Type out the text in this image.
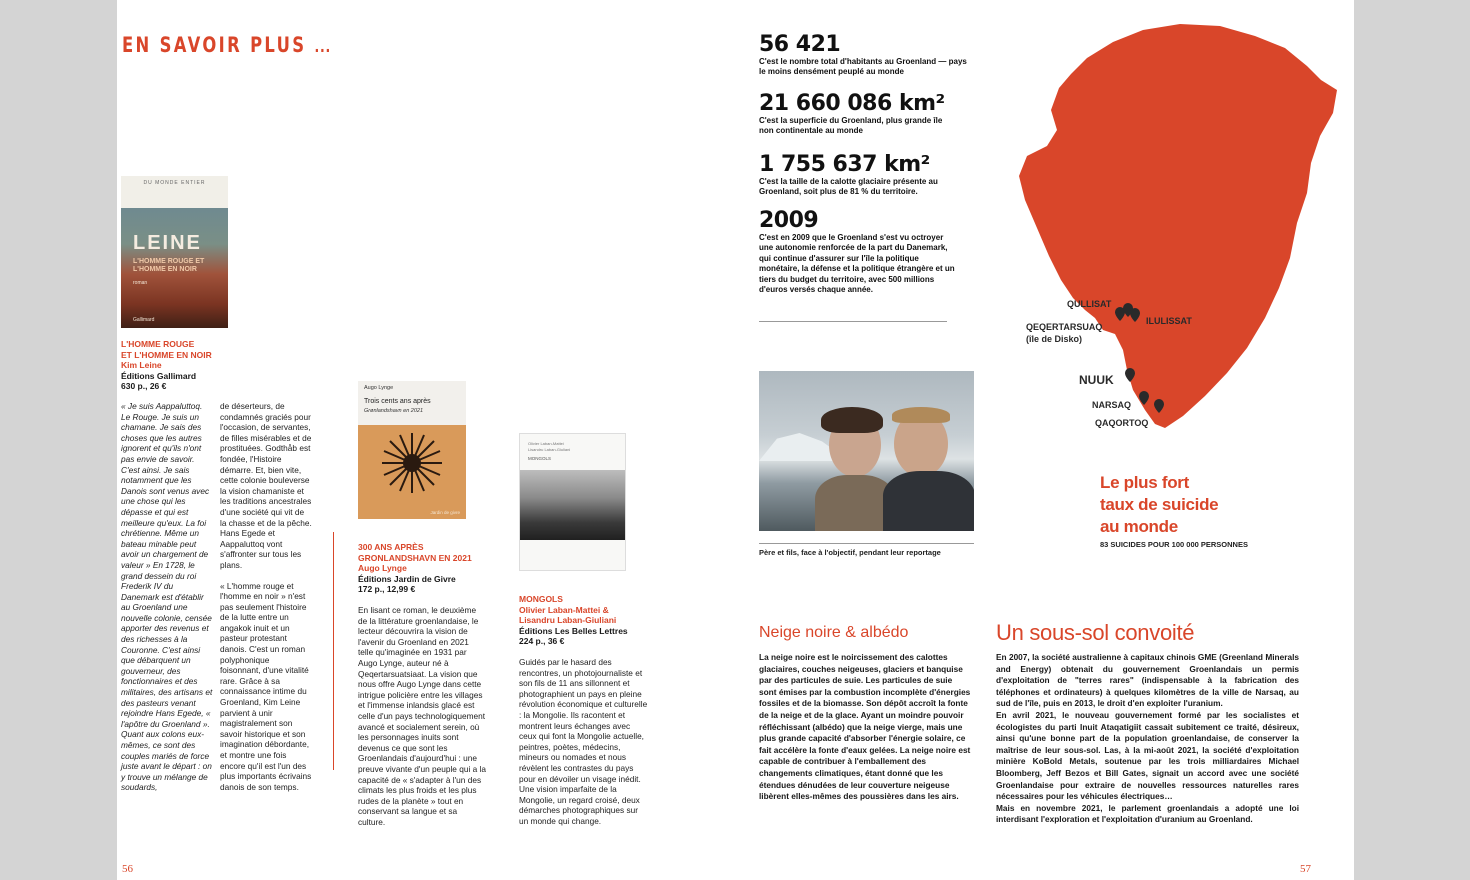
EN SAVOIR PLUS ...
DU MONDE ENTIER
LEINE
L'HOMME ROUGE ET L'HOMME EN NOIR
roman
Gallimard
L'HOMME ROUGE
ET L'HOMME EN NOIR
Kim Leine
Éditions Gallimard
630 p., 26 €
« Je suis Aappaluttoq. Le Rouge. Je suis un chamane. Je sais des choses que les autres ignorent et qu'ils n'ont pas envie de savoir. C'est ainsi. Je sais notamment que les Danois sont venus avec une chose qui les dépasse et qui est meilleure qu'eux. La foi chrétienne. Même un bateau minable peut avoir un chargement de valeur » En 1728, le grand dessein du roi Frederik IV du Danemark est d'établir au Groenland une nouvelle colonie, censée apporter des revenus et des richesses à la Couronne. C'est ainsi que débarquent un gouverneur, des fonctionnaires et des militaires, des artisans et des pasteurs venant rejoindre Hans Egede, « l'apôtre du Groenland ». Quant aux colons eux-mêmes, ce sont des couples mariés de force juste avant le départ : on y trouve un mélange de soudards,
de déserteurs, de condamnés graciés pour l'occasion, de servantes, de filles misérables et de prostituées. Godthåb est fondée, l'Histoire démarre. Et, bien vite, cette colonie bouleverse la vision chamaniste et les traditions ancestrales d'une société qui vit de la chasse et de la pêche. Hans Egede et Aappaluttoq vont s'affronter sur tous les plans.
« L'homme rouge et l'homme en noir » n'est pas seulement l'histoire de la lutte entre un angakok inuit et un pasteur protestant danois. C'est un roman polyphonique foisonnant, d'une vitalité rare. Grâce à sa connaissance intime du Groenland, Kim Leine parvient à unir magistralement son savoir historique et son imagination débordante, et montre une fois encore qu'il est l'un des plus importants écrivains danois de son temps.
Augo Lynge
Trois cents ans après
Grønlandshavn en 2021
Jardin de givre
300 ANS APRÈS
GRONLANDSHAVN EN 2021
Augo Lynge
Éditions Jardin de Givre
172 p., 12,99 €
En lisant ce roman, le deuxième de la littérature groenlandaise, le lecteur découvrira la vision de l'avenir du Groenland en 2021 telle qu'imaginée en 1931 par Augo Lynge, auteur né à Qeqertarsuatsiaat. La vision que nous offre Augo Lynge dans cette intrigue policière entre les villages et l'immense inlandsis glacé est celle d'un pays technologiquement avancé et socialement serein, où les personnages inuits sont devenus ce que sont les Groenlandais d'aujourd'hui : une preuve vivante d'un peuple qui a la capacité de « s'adapter à l'un des climats les plus froids et les plus rudes de la planète » tout en conservant sa langue et sa culture.
Olivier Laban-Mattei
Lisandru Laban-Giuliani
MONGOLS
MONGOLS
Olivier Laban-Mattei &
Lisandru Laban-Giuliani
Éditions Les Belles Lettres
224 p., 36 €
Guidés par le hasard des rencontres, un photojournaliste et son fils de 11 ans sillonnent et photographient un pays en pleine révolution économique et culturelle : la Mongolie. Ils racontent et montrent leurs échanges avec ceux qui font la Mongolie actuelle, peintres, poètes, médecins, mineurs ou nomades et nous révèlent les contrastes du pays pour en dévoiler un visage inédit. Une vision imparfaite de la Mongolie, un regard croisé, deux démarches photographiques sur un monde qui change.
56
56 421
C'est le nombre total d'habitants au Groenland — pays le moins densément peuplé au monde
21 660 086 km²
C'est la superficie du Groenland, plus grande île non continentale au monde
1 755 637 km²
C'est la taille de la calotte glaciaire présente au Groenland, soit plus de 81 % du territoire.
2009
C'est en 2009 que le Groenland s'est vu octroyer une autonomie renforcée de la part du Danemark, qui continue d'assurer sur l'île la politique monétaire, la défense et la politique étrangère et un tiers du budget du territoire, avec 500 millions d'euros versés chaque année.
QULLISAT
ILULISSAT
QEQERTARSUAQ
(île de Disko)
NUUK
NARSAQ
QAQORTOQ
Le plus fort
taux de suicide
au monde
83 SUICIDES POUR 100 000 PERSONNES
Père et fils, face à l'objectif, pendant leur reportage
Neige noire & albédo
La neige noire est le noircissement des calottes glaciaires, couches neigeuses, glaciers et banquise par des particules de suie. Les particules de suie sont émises par la combustion incomplète d'énergies fossiles et de la biomasse. Son dépôt accroît la fonte de la neige et de la glace. Ayant un moindre pouvoir réfléchissant (albédo) que la neige vierge, mais une plus grande capacité d'absorber l'énergie solaire, ce fait accélère la fonte d'eaux gelées. La neige noire est capable de contribuer à l'emballement des changements climatiques, étant donné que les étendues dénudées de leur couverture neigeuse libèrent elles-mêmes des poussières dans les airs.
Un sous-sol convoité
En 2007, la société australienne à capitaux chinois GME (Greenland Minerals and Energy) obtenait du gouvernement Groenlandais un permis d'exploitation de "terres rares" (indispensable à la fabrication des téléphones et ordinateurs) à quelques kilomètres de la ville de Narsaq, au sud de l'île, puis en 2013, le droit d'en exploiter l'uranium.
En avril 2021, le nouveau gouvernement formé par les socialistes et écologistes du parti Inuit Ataqatigiit cassait subitement ce traité, désireux, ainsi qu'une bonne part de la population groenlandaise, de conserver la maîtrise de leur sous-sol. Las, à la mi-août 2021, la société d'exploitation minière KoBold Metals, soutenue par les trois milliardaires Michael Bloomberg, Jeff Bezos et Bill Gates, signait un accord avec une société Groenlandaise pour extraire de nouvelles ressources naturelles rares nécessaires pour les véhicules électriques…
Mais en novembre 2021, le parlement groenlandais a adopté une loi interdisant l'exploration et l'exploitation d'uranium au Groenland.
57
